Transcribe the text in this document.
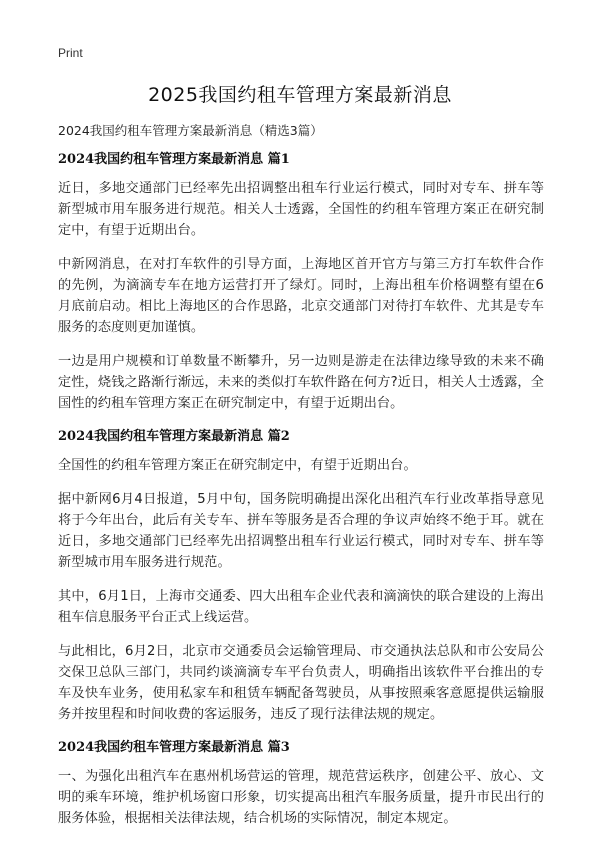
Print
2025我国约租车管理方案最新消息
2024我国约租车管理方案最新消息（精选3篇）
2024我国约租车管理方案最新消息 篇1

近日，多地交通部门已经率先出招调整出租车行业运行模式，同时对专车、拼车等新型城市用车服务进行规范。相关人士透露，全国性的约租车管理方案正在研究制定中，有望于近期出台。

中新网消息，在对打车软件的引导方面，上海地区首开官方与第三方打车软件合作的先例，为滴滴专车在地方运营打开了绿灯。同时，上海出租车价格调整有望在6月底前启动。相比上海地区的合作思路，北京交通部门对待打车软件、尤其是专车服务的态度则更加谨慎。

一边是用户规模和订单数量不断攀升，另一边则是游走在法律边缘导致的未来不确定性，烧钱之路渐行渐远，未来的类似打车软件路在何方?近日，相关人士透露，全国性的约租车管理方案正在研究制定中，有望于近期出台。

2024我国约租车管理方案最新消息 篇2

全国性的约租车管理方案正在研究制定中，有望于近期出台。

据中新网6月4日报道，5月中旬，国务院明确提出深化出租汽车行业改革指导意见将于今年出台，此后有关专车、拼车等服务是否合理的争议声始终不绝于耳。就在近日，多地交通部门已经率先出招调整出租车行业运行模式，同时对专车、拼车等新型城市用车服务进行规范。

其中，6月1日，上海市交通委、四大出租车企业代表和滴滴快的联合建设的上海出租车信息服务平台正式上线运营。

与此相比，6月2日，北京市交通委员会运输管理局、市交通执法总队和市公安局公交保卫总队三部门，共同约谈滴滴专车平台负责人，明确指出该软件平台推出的专车及快车业务，使用私家车和租赁车辆配备驾驶员，从事按照乘客意愿提供运输服务并按里程和时间收费的客运服务，违反了现行法律法规的规定。

2024我国约租车管理方案最新消息 篇3

一、为强化出租汽车在惠州机场营运的管理，规范营运秩序，创建公平、放心、文明的乘车环境，维护机场窗口形象，切实提高出租汽车服务质量，提升市民出行的服务体验，根据相关法律法规，结合机场的实际情况，制定本规定。
